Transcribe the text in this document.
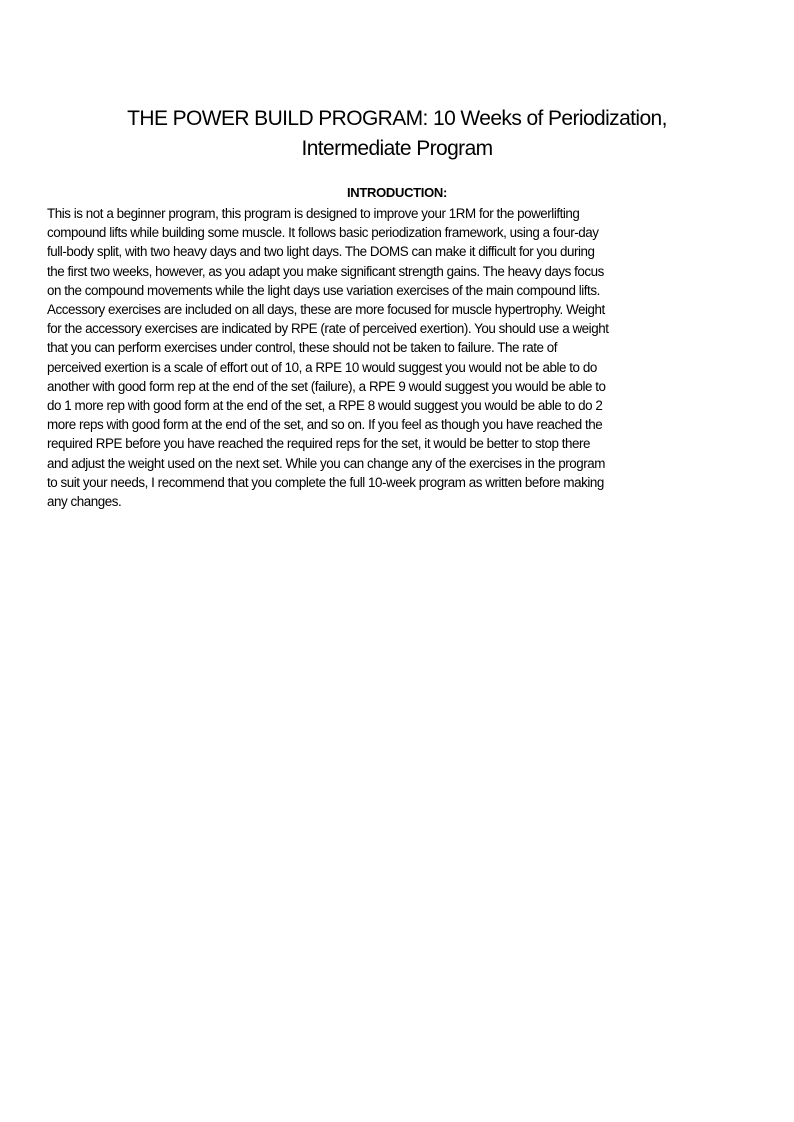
THE POWER BUILD PROGRAM: 10 Weeks of Periodization,
Intermediate Program
INTRODUCTION:

This is not a beginner program, this program is designed to improve your 1RM for the powerlifting
compound lifts while building some muscle. It follows basic periodization framework, using a four-day
full-body split, with two heavy days and two light days. The DOMS can make it difficult for you during
the first two weeks, however, as you adapt you make significant strength gains. The heavy days focus
on the compound movements while the light days use variation exercises of the main compound lifts.
Accessory exercises are included on all days, these are more focused for muscle hypertrophy. Weight
for the accessory exercises are indicated by RPE (rate of perceived exertion). You should use a weight
that you can perform exercises under control, these should not be taken to failure. The rate of
perceived exertion is a scale of effort out of 10, a RPE 10 would suggest you would not be able to do
another with good form rep at the end of the set (failure), a RPE 9 would suggest you would be able to
do 1 more rep with good form at the end of the set, a RPE 8 would suggest you would be able to do 2
more reps with good form at the end of the set, and so on. If you feel as though you have reached the
required RPE before you have reached the required reps for the set, it would be better to stop there
and adjust the weight used on the next set. While you can change any of the exercises in the program
to suit your needs, I recommend that you complete the full 10-week program as written before making
any changes.
